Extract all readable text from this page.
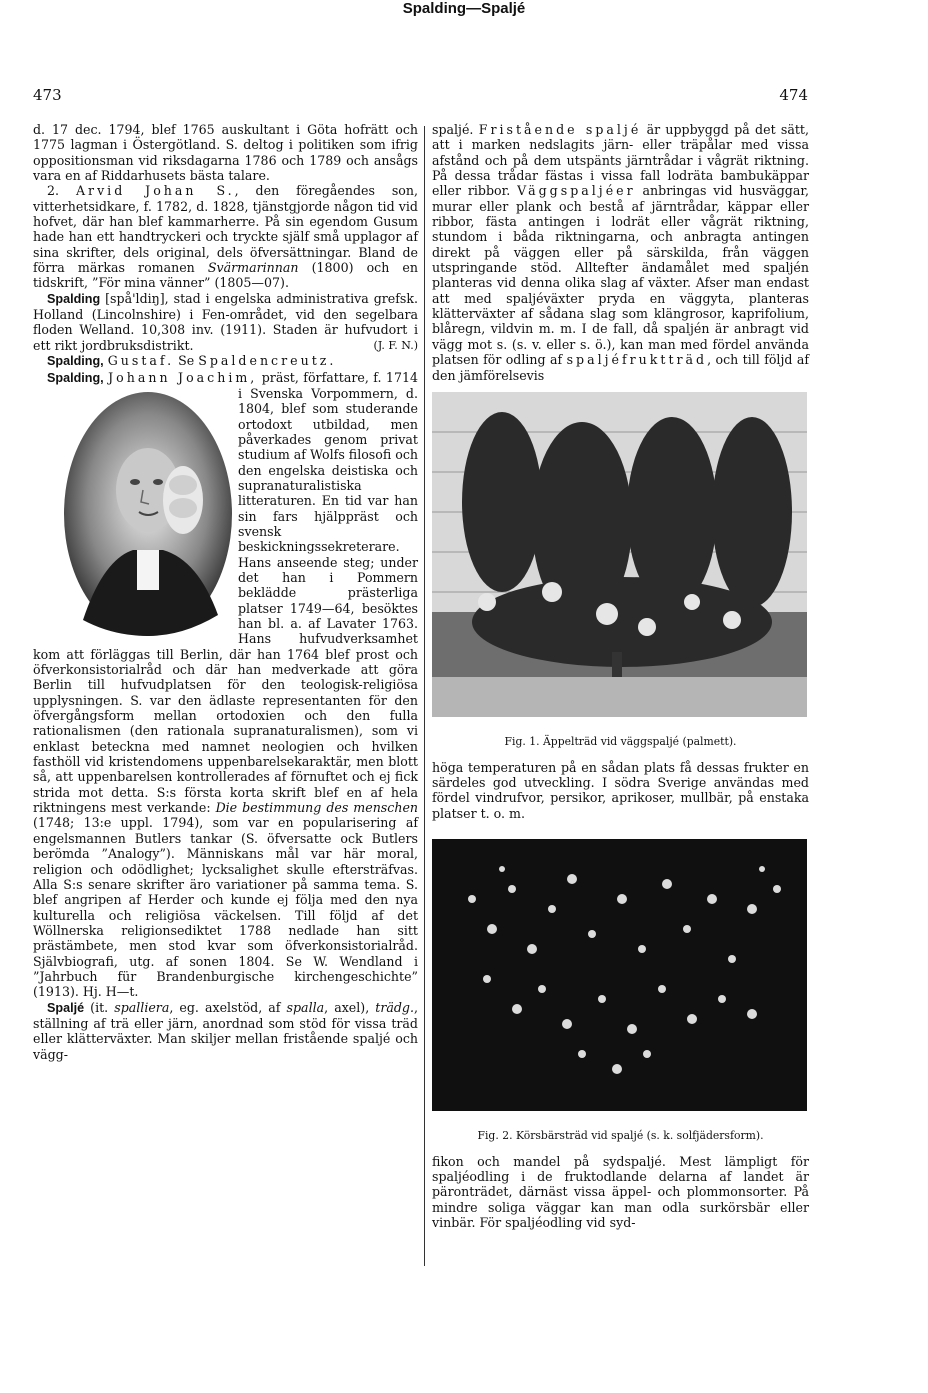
473
Spalding—Spaljé
474

d. 17 dec. 1794, blef 1765 auskultant i Göta hofrätt och 1775 lagman i Östergötland. S. deltog i politiken som ifrig oppositionsman vid riksdagarna 1786 och 1789 och ansågs vara en af Riddarhusets bästa talare.

2. Arvid Johan S., den föregåendes son, vitterhetsidkare, f. 1782, d. 1828, tjänstgjorde någon tid vid hofvet, där han blef kammarherre. På sin egendom Gusum hade han ett handtryckeri och tryckte själf små upplagor af sina skrifter, dels original, dels öfversättningar. Bland de förra märkas romanen Svärmarinnan (1800) och en tidskrift, ”För mina vänner” (1805—07).

Spalding [spå'ldiŋ], stad i engelska administrativa grefsk. Holland (Lincolnshire) i Fen-området, vid den segelbara floden Welland. 10,308 inv. (1911). Staden är hufvudort i ett rikt jordbruksdistrikt.	(J. F. N.)

Spalding, Gustaf. Se Spaldencreutz.

Spalding, Johann Joachim,
präst, författare, f. 1714 i Svenska Vorpommern, d. 1804, blef som studerande ortodoxt utbildad, men påverkades genom privat studium af Wolfs filosofi och den engelska deistiska och supranaturalistiska litteraturen. En tid var han sin fars hjälppräst och svensk beskickningssekreterare. Hans anseende steg; under det han i Pommern beklädde prästerliga platser 1749—64, besöktes han bl. a. af Lavater 1763. Hans hufvudverksamhet kom att förläggas till Berlin, där han 1764 blef prost och öfverkonsistorialråd och där han medverkade att göra Berlin till hufvudplatsen för den teologisk-religiösa upplysningen. S. var den ädlaste representanten för den öfvergångsform mellan ortodoxien och den fulla rationalismen (den rationala supranaturalismen), som vi enklast beteckna med namnet neologien och hvilken fasthöll vid kristendomens uppenbarelsekaraktär, men blott så, att uppenbarelsen kontrollerades af förnuftet och ej fick strida mot detta. S:s första korta skrift blef en af hela riktningens mest verkande: Die bestimmung des menschen (1748; 13:e uppl. 1794), som var en popularisering af engelsmannen Butlers tankar (S. öfversatte ock Butlers berömda ”Analogy”). Människans mål var här moral, religion och odödlighet; lycksalighet skulle eftersträfvas. Alla S:s senare skrifter äro variationer på samma tema. S. blef angripen af Herder och kunde ej följa med den nya kulturella och religiösa väckelsen. Till följd af det Wöllnerska religionsediktet 1788 nedlade han sitt prästämbete, men stod kvar som öfverkonsistorialråd. Självbiografi, utg. af sonen 1804. Se W. Wendland i ”Jahrbuch für Brandenburgische kirchengeschichte” (1913). Hj. H—t.

Spaljé (it. spalliera, eg. axelstöd, af spalla, axel), trädg., ställning af trä eller järn, anordnad som stöd för vissa träd eller klätterväxter. Man skiljer mellan fristående spaljé och vägg-

spaljé. Fristående spaljé är uppbyggd på det sätt, att i marken nedslagits järn- eller träpålar med vissa afstånd och på dem utspänts järntrådar i vågrät riktning. På dessa trådar fästas i vissa fall lodräta bambukäppar eller ribbor. Väggspaljéer anbringas vid husväggar, murar eller plank och bestå af järntrådar, käppar eller ribbor, fästa antingen i lodrät eller vågrät riktning, stundom i båda riktningarna, och anbragta antingen direkt på väggen eller på särskilda, från väggen utspringande stöd. Alltefter ändamålet med spaljén planteras vid denna olika slag af växter. Afser man endast att med spaljéväxter pryda en väggyta, planteras klätterväxter af sådana slag som klängrosor, kaprifolium, blåregn, vildvin m. m. I de fall, då spaljén är anbragt vid vägg mot s. (s. v. eller s. ö.), kan man med fördel använda platsen för odling af spaljéfruktträd, och till följd af den jämförelsevis

Fig. 1. Äppelträd vid väggspaljé (palmett).

höga temperaturen på en sådan plats få dessas frukter en särdeles god utveckling. I södra Sverige användas med fördel vindrufvor, persikor, aprikoser, mullbär, på enstaka platser t. o. m.

Fig. 2. Körsbärsträd vid spaljé (s. k. solfjädersform).

fikon och mandel på sydspaljé. Mest lämpligt för spaljéodling i de fruktodlande delarna af landet är päronträdet, därnäst vissa äppel- och plommonsorter. På mindre soliga väggar kan man odla surkörsbär eller vinbär. För spaljéodling vid syd-
